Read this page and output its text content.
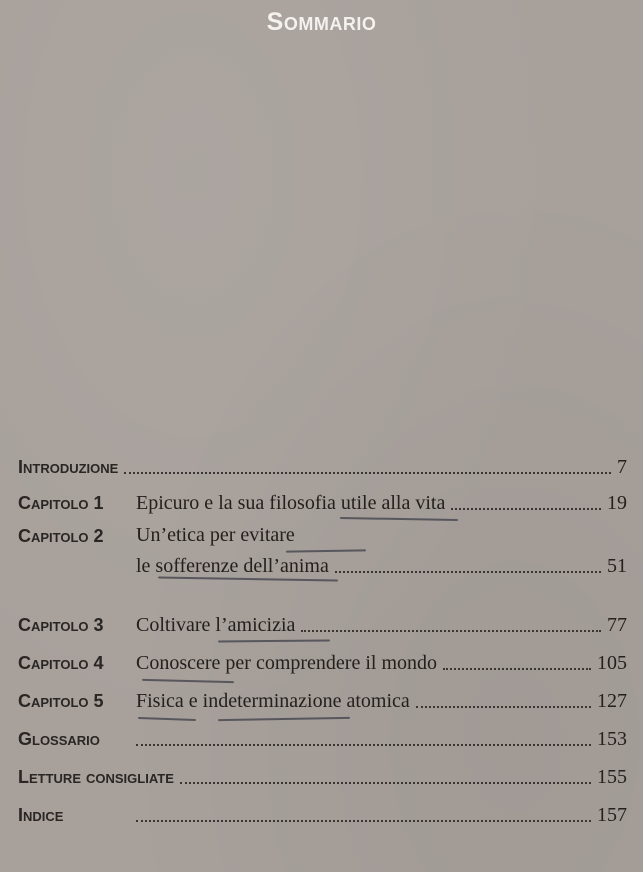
Sommario
Introduzione	7
Capitolo 1 Epicuro e la sua filosofia utile alla vita	19
Capitolo 2 Un’etica per evitare
le sofferenze dell’anima	51
Capitolo 3 Coltivare l’amicizia	77
Capitolo 4 Conoscere per comprendere il mondo	105
Capitolo 5 Fisica e indeterminazione atomica	127
Glossario	153
Letture consigliate	155
Indice	157
